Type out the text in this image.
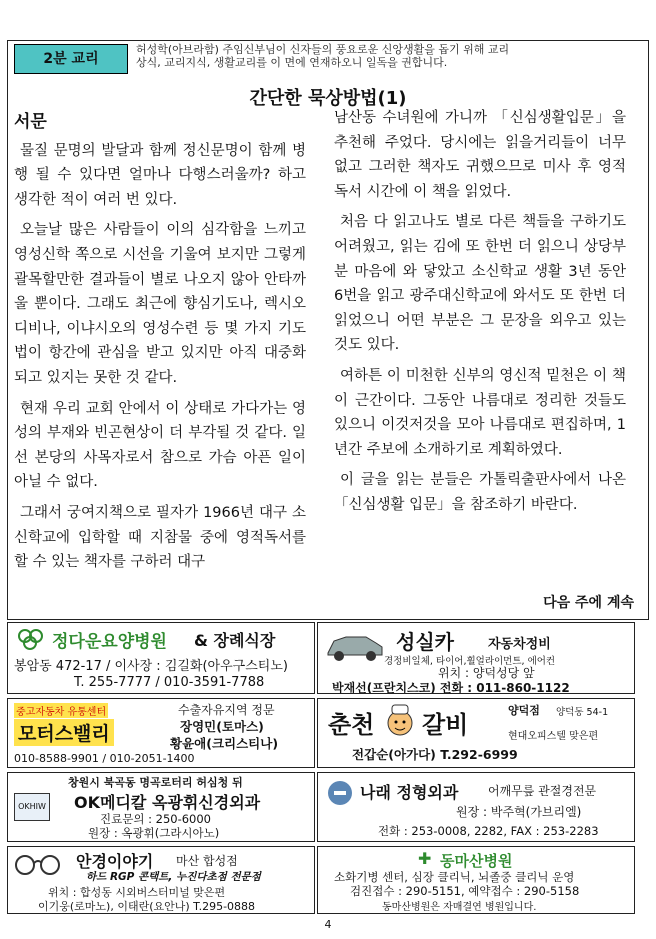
2분 교리
허성학(아브라함) 주임신부님이 신자들의 풍요로운 신앙생활을 돕기 위해 교리
상식, 교리지식, 생활교리를 이 면에 연재하오니 일독을 권합니다.
간단한 묵상방법(1)

서문

물질 문명의 발달과 함께 정신문명이 함께 병행 될 수 있다면 얼마나 다행스러울까? 하고 생각한 적이 여러 번 있다.

오늘날 많은 사람들이 이의 심각함을 느끼고 영성신학 쪽으로 시선을 기울여 보지만 그렇게 괄목할만한 결과들이 별로 나오지 않아 안타까울 뿐이다. 그래도 최근에 향심기도나, 렉시오 디비나, 이냐시오의 영성수련 등 몇 가지 기도법이 항간에 관심을 받고 있지만 아직 대중화되고 있지는 못한 것 같다.

현재 우리 교회 안에서 이 상태로 가다가는 영성의 부재와 빈곤현상이 더 부각될 것 같다. 일선 본당의 사목자로서 참으로 가슴 아픈 일이 아닐 수 없다.

그래서 궁여지책으로 필자가 1966년 대구 소신학교에 입학할 때 지참물 중에 영적독서를 할 수 있는 책자를 구하러 대구

남산동 수녀원에 가니까 「신심생활입문」을 추천해 주었다. 당시에는 읽을거리들이 너무 없고 그러한 책자도 귀했으므로 미사 후 영적독서 시간에 이 책을 읽었다.

처음 다 읽고나도 별로 다른 책들을 구하기도 어려웠고, 읽는 김에 또 한번 더 읽으니 상당부분 마음에 와 닿았고 소신학교 생활 3년 동안 6번을 읽고 광주대신학교에 와서도 또 한번 더 읽었으니 어떤 부분은 그 문장을 외우고 있는 것도 있다.

여하튼 이 미천한 신부의 영신적 밑천은 이 책이 근간이다. 그동안 나름대로 정리한 것들도 있으니 이것저것을 모아 나름대로 편집하며, 1년간 주보에 소개하기로 계획하였다.

이 글을 읽는 분들은 가톨릭출판사에서 나온 「신심생활 입문」을 참조하기 바란다.

다음 주에 계속
정다운요양병원 & 장례식장
봉암동 472-17 / 이사장 : 김길화(아우구스티노)
T. 255-7777 / 010-3591-7788
성실카	자동차정비
경정비일체, 타이어,휠얼라이먼트, 에어컨
위치 : 양덕성당 앞
박재선(프란치스코) 전화 : 011-860-1122
중고자동차 유통센터
모터스밸리
수출자유지역 정문
장영민(토마스)
황윤애(크리스티나)
010-8588-9901 / 010-2051-1400
춘천 갈비
양덕점 양덕동 54-1
현대오피스텔 맞은편
전갑순(아가다) T.292-6999
OKHIW
창원시 북곡동 명곡로터리 허심청 뒤
OK메디칼 옥광휘신경외과
진료문의 : 250-6000
원장 : 옥광휘(그라시아노)
나래 정형외과 어깨무릎 관절경전문
원장 : 박주혁(가브리엘)
전화 : 253-0008, 2282, FAX : 253-2283
안경이야기 마산 합성점
하드 RGP 콘택트, 누진다초점 전문점
위치 : 합성동 시외버스터미널 맞은편
이기웅(로마노), 이태란(요안나) T.295-0888
✚ 동마산병원
소화기병 센터, 심장 클리닉, 뇌졸중 클리닉 운영
검진접수 : 290-5151, 예약접수 : 290-5158
동마산병원은 자매결연 병원입니다.
4
